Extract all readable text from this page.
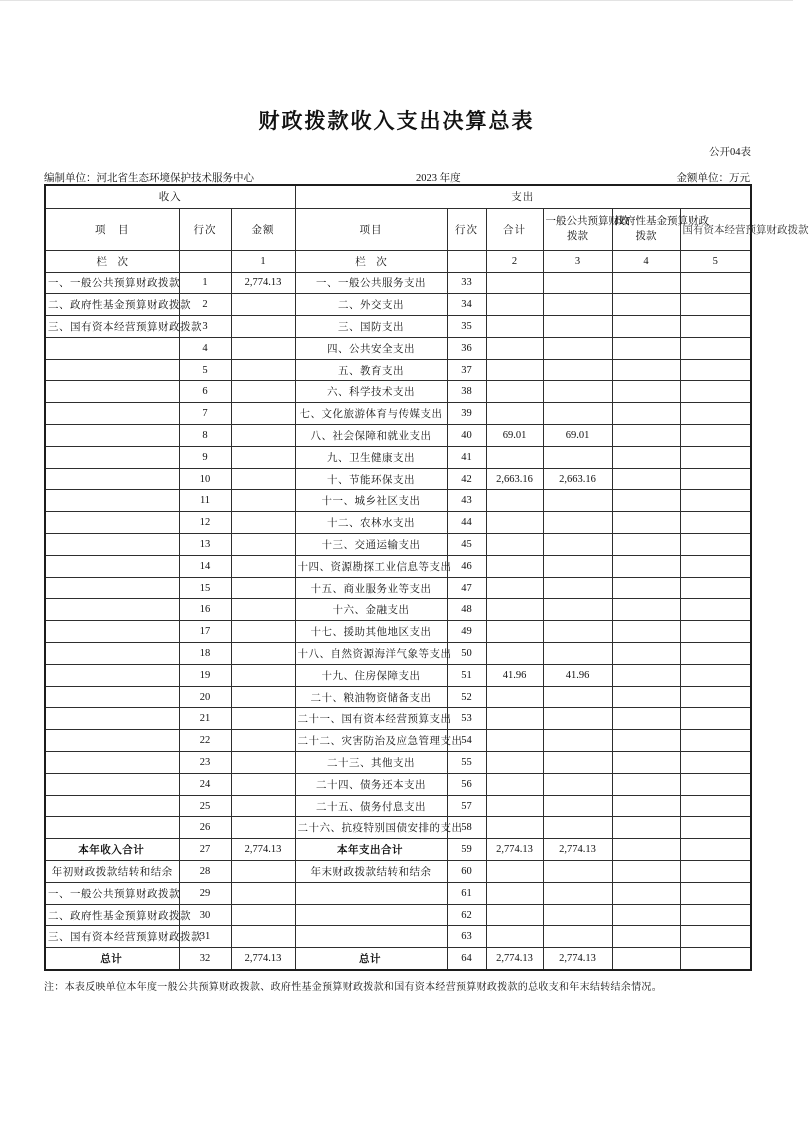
财政拨款收入支出决算总表
公开04表
编制单位：河北省生态环境保护技术服务中心	2023 年度	金额单位：万元
收入			支出					
项　目	行次	金额	项目	行次	合计	一般公共预算财政
拨款	政府性基金预算财政
拨款	国有资本经营预算财政拨款
栏　次		1	栏　次		2	3	4	5
一、一般公共预算财政拨款	1	2,774.13	一、一般公共服务支出	33				
二、政府性基金预算财政拨款	2		二、外交支出	34				
三、国有资本经营预算财政拨款	3		三、国防支出	35				
	4		四、公共安全支出	36				
	5		五、教育支出	37				
	6		六、科学技术支出	38				
	7		七、文化旅游体育与传媒支出	39				
	8		八、社会保障和就业支出	40	69.01	69.01		
	9		九、卫生健康支出	41				
	10		十、节能环保支出	42	2,663.16	2,663.16		
	11		十一、城乡社区支出	43				
	12		十二、农林水支出	44				
	13		十三、交通运输支出	45				
	14		十四、资源勘探工业信息等支出	46				
	15		十五、商业服务业等支出	47				
	16		十六、金融支出	48				
	17		十七、援助其他地区支出	49				
	18		十八、自然资源海洋气象等支出	50				
	19		十九、住房保障支出	51	41.96	41.96		
	20		二十、粮油物资储备支出	52				
	21		二十一、国有资本经营预算支出	53				
	22		二十二、灾害防治及应急管理支出	54				
	23		二十三、其他支出	55				
	24		二十四、债务还本支出	56				
	25		二十五、债务付息支出	57				
	26		二十六、抗疫特别国债安排的支出	58				
本年收入合计	27	2,774.13	本年支出合计	59	2,774.13	2,774.13		
年初财政拨款结转和结余	28		年末财政拨款结转和结余	60				
一、一般公共预算财政拨款	29			61				
二、政府性基金预算财政拨款	30			62				
三、国有资本经营预算财政拨款	31			63				
总计	32	2,774.13	总计	64	2,774.13	2,774.13		
注：本表反映单位本年度一般公共预算财政拨款、政府性基金预算财政拨款和国有资本经营预算财政拨款的总收支和年末结转结余情况。
